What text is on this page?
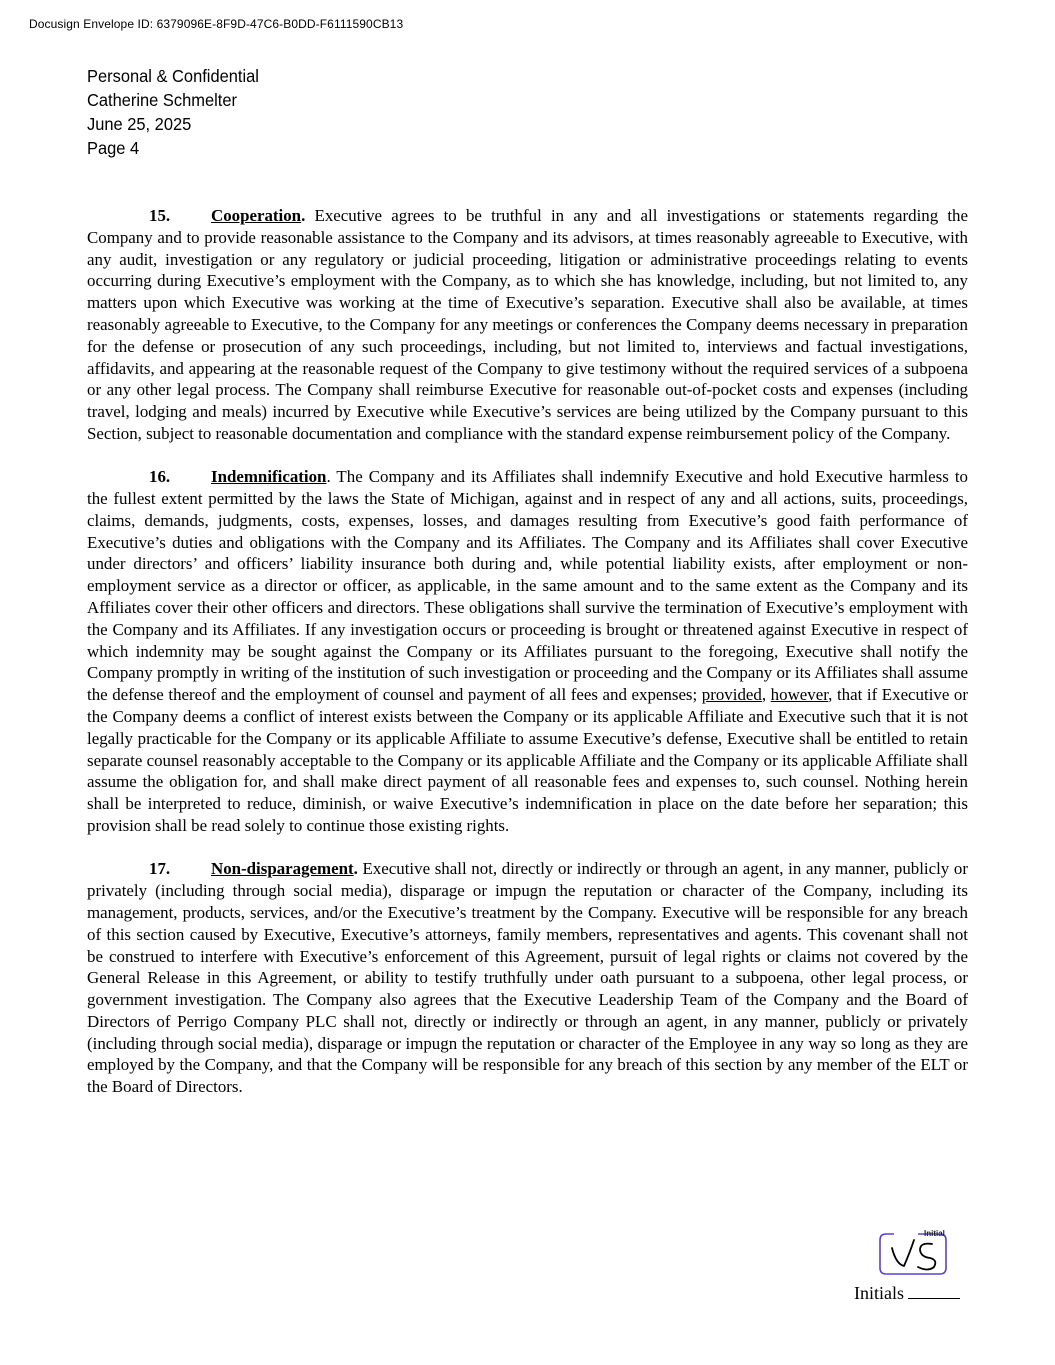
Docusign Envelope ID: 6379096E-8F9D-47C6-B0DD-F6111590CB13
Personal & Confidential
Catherine Schmelter
June 25, 2025
Page 4

15. Cooperation. Executive agrees to be truthful in any and all investigations or statements regarding the Company and to provide reasonable assistance to the Company and its advisors, at times reasonably agreeable to Executive, with any audit, investigation or any regulatory or judicial proceeding, litigation or administrative proceedings relating to events occurring during Executive’s employment with the Company, as to which she has knowledge, including, but not limited to, any matters upon which Executive was working at the time of Executive’s separation. Executive shall also be available, at times reasonably agreeable to Executive, to the Company for any meetings or conferences the Company deems necessary in preparation for the defense or prosecution of any such proceedings, including, but not limited to, interviews and factual investigations, affidavits, and appearing at the reasonable request of the Company to give testimony without the required services of a subpoena or any other legal process. The Company shall reimburse Executive for reasonable out-of-pocket costs and expenses (including travel, lodging and meals) incurred by Executive while Executive’s services are being utilized by the Company pursuant to this Section, subject to reasonable documentation and compliance with the standard expense reimbursement policy of the Company.

16. Indemnification. The Company and its Affiliates shall indemnify Executive and hold Executive harmless to the fullest extent permitted by the laws the State of Michigan, against and in respect of any and all actions, suits, proceedings, claims, demands, judgments, costs, expenses, losses, and damages resulting from Executive’s good faith performance of Executive’s duties and obligations with the Company and its Affiliates. The Company and its Affiliates shall cover Executive under directors’ and officers’ liability insurance both during and, while potential liability exists, after employment or non-employment service as a director or officer, as applicable, in the same amount and to the same extent as the Company and its Affiliates cover their other officers and directors. These obligations shall survive the termination of Executive’s employment with the Company and its Affiliates. If any investigation occurs or proceeding is brought or threatened against Executive in respect of which indemnity may be sought against the Company or its Affiliates pursuant to the foregoing, Executive shall notify the Company promptly in writing of the institution of such investigation or proceeding and the Company or its Affiliates shall assume the defense thereof and the employment of counsel and payment of all fees and expenses; provided, however, that if Executive or the Company deems a conflict of interest exists between the Company or its applicable Affiliate and Executive such that it is not legally practicable for the Company or its applicable Affiliate to assume Executive’s defense, Executive shall be entitled to retain separate counsel reasonably acceptable to the Company or its applicable Affiliate and the Company or its applicable Affiliate shall assume the obligation for, and shall make direct payment of all reasonable fees and expenses to, such counsel. Nothing herein shall be interpreted to reduce, diminish, or waive Executive’s indemnification in place on the date before her separation; this provision shall be read solely to continue those existing rights.

17. Non-disparagement. Executive shall not, directly or indirectly or through an agent, in any manner, publicly or privately (including through social media), disparage or impugn the reputation or character of the Company, including its management, products, services, and/or the Executive’s treatment by the Company. Executive will be responsible for any breach of this section caused by Executive, Executive’s attorneys, family members, representatives and agents. This covenant shall not be construed to interfere with Executive’s enforcement of this Agreement, pursuit of legal rights or claims not covered by the General Release in this Agreement, or ability to testify truthfully under oath pursuant to a subpoena, other legal process, or government investigation. The Company also agrees that the Executive Leadership Team of the Company and the Board of Directors of Perrigo Company PLC shall not, directly or indirectly or through an agent, in any manner, publicly or privately (including through social media), disparage or impugn the reputation or character of the Employee in any way so long as they are employed by the Company, and that the Company will be responsible for any breach of this section by any member of the ELT or the Board of Directors.

Initial
Initials
